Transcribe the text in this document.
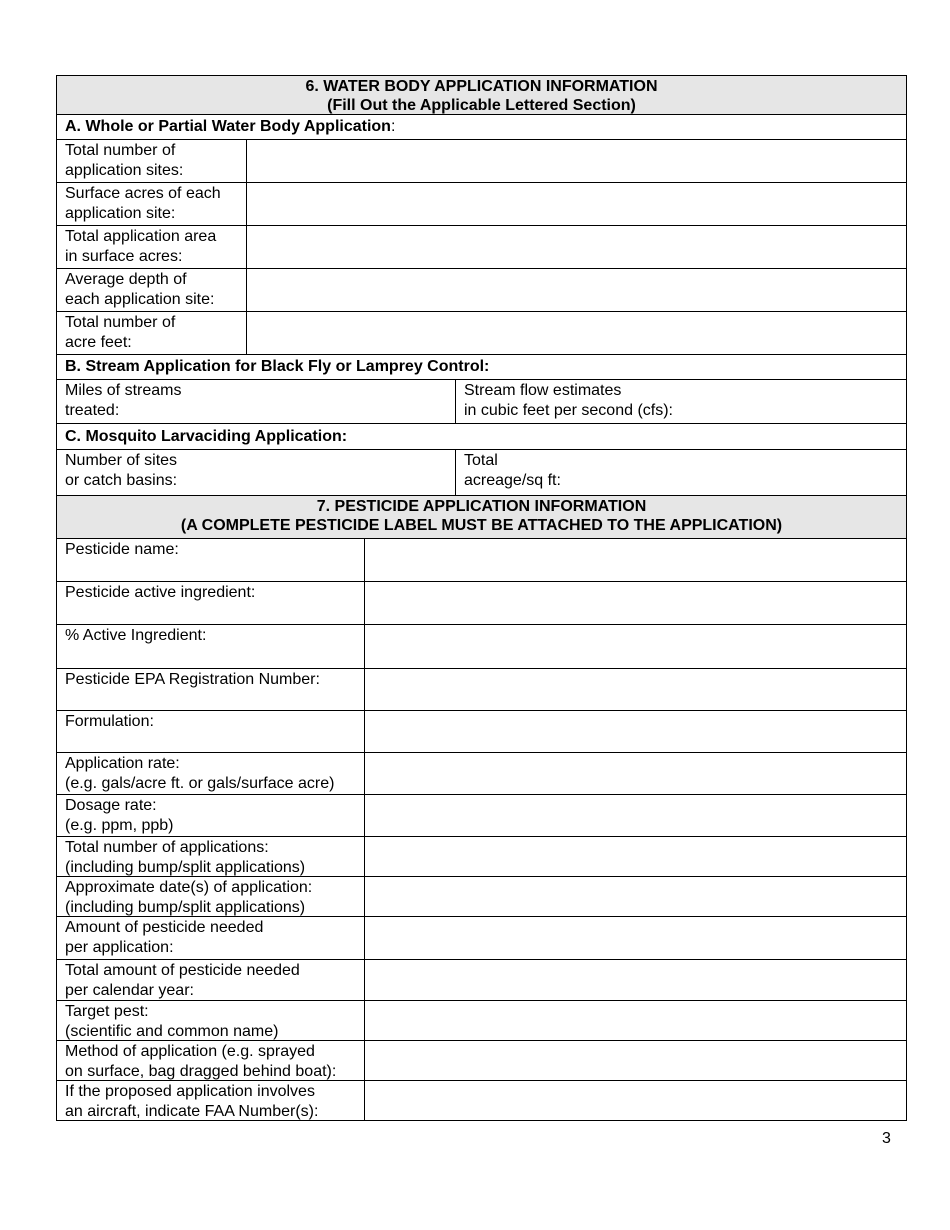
6. WATER BODY APPLICATION INFORMATION
(Fill Out the Applicable Lettered Section)
A. Whole or Partial Water Body Application :
Total number of
application sites:
Surface acres of each
application site:
Total application area
in surface acres:
Average depth of
each application site:
Total number of
acre feet:
B. Stream Application for Black Fly or Lamprey Control:
Miles of streams
treated:
Stream flow estimates
in cubic feet per second (cfs):
C. Mosquito Larvaciding Application:
Number of sites
or catch basins:
Total
acreage/sq ft:
7. PESTICIDE APPLICATION INFORMATION
(A COMPLETE PESTICIDE LABEL MUST BE ATTACHED TO THE APPLICATION)
Pesticide name:
Pesticide active ingredient:
% Active Ingredient:
Pesticide EPA Registration Number:
Formulation:
Application rate:
(e.g. gals/acre ft. or gals/surface acre)
Dosage rate:
(e.g. ppm, ppb)
Total number of applications:
(including bump/split applications)
Approximate date(s) of application:
(including bump/split applications)
Amount of pesticide needed
per application:
Total amount of pesticide needed
per calendar year:
Target pest:
(scientific and common name)
Method of application (e.g. sprayed
on surface, bag dragged behind boat):
If the proposed application involves
an aircraft, indicate FAA Number(s):
3
